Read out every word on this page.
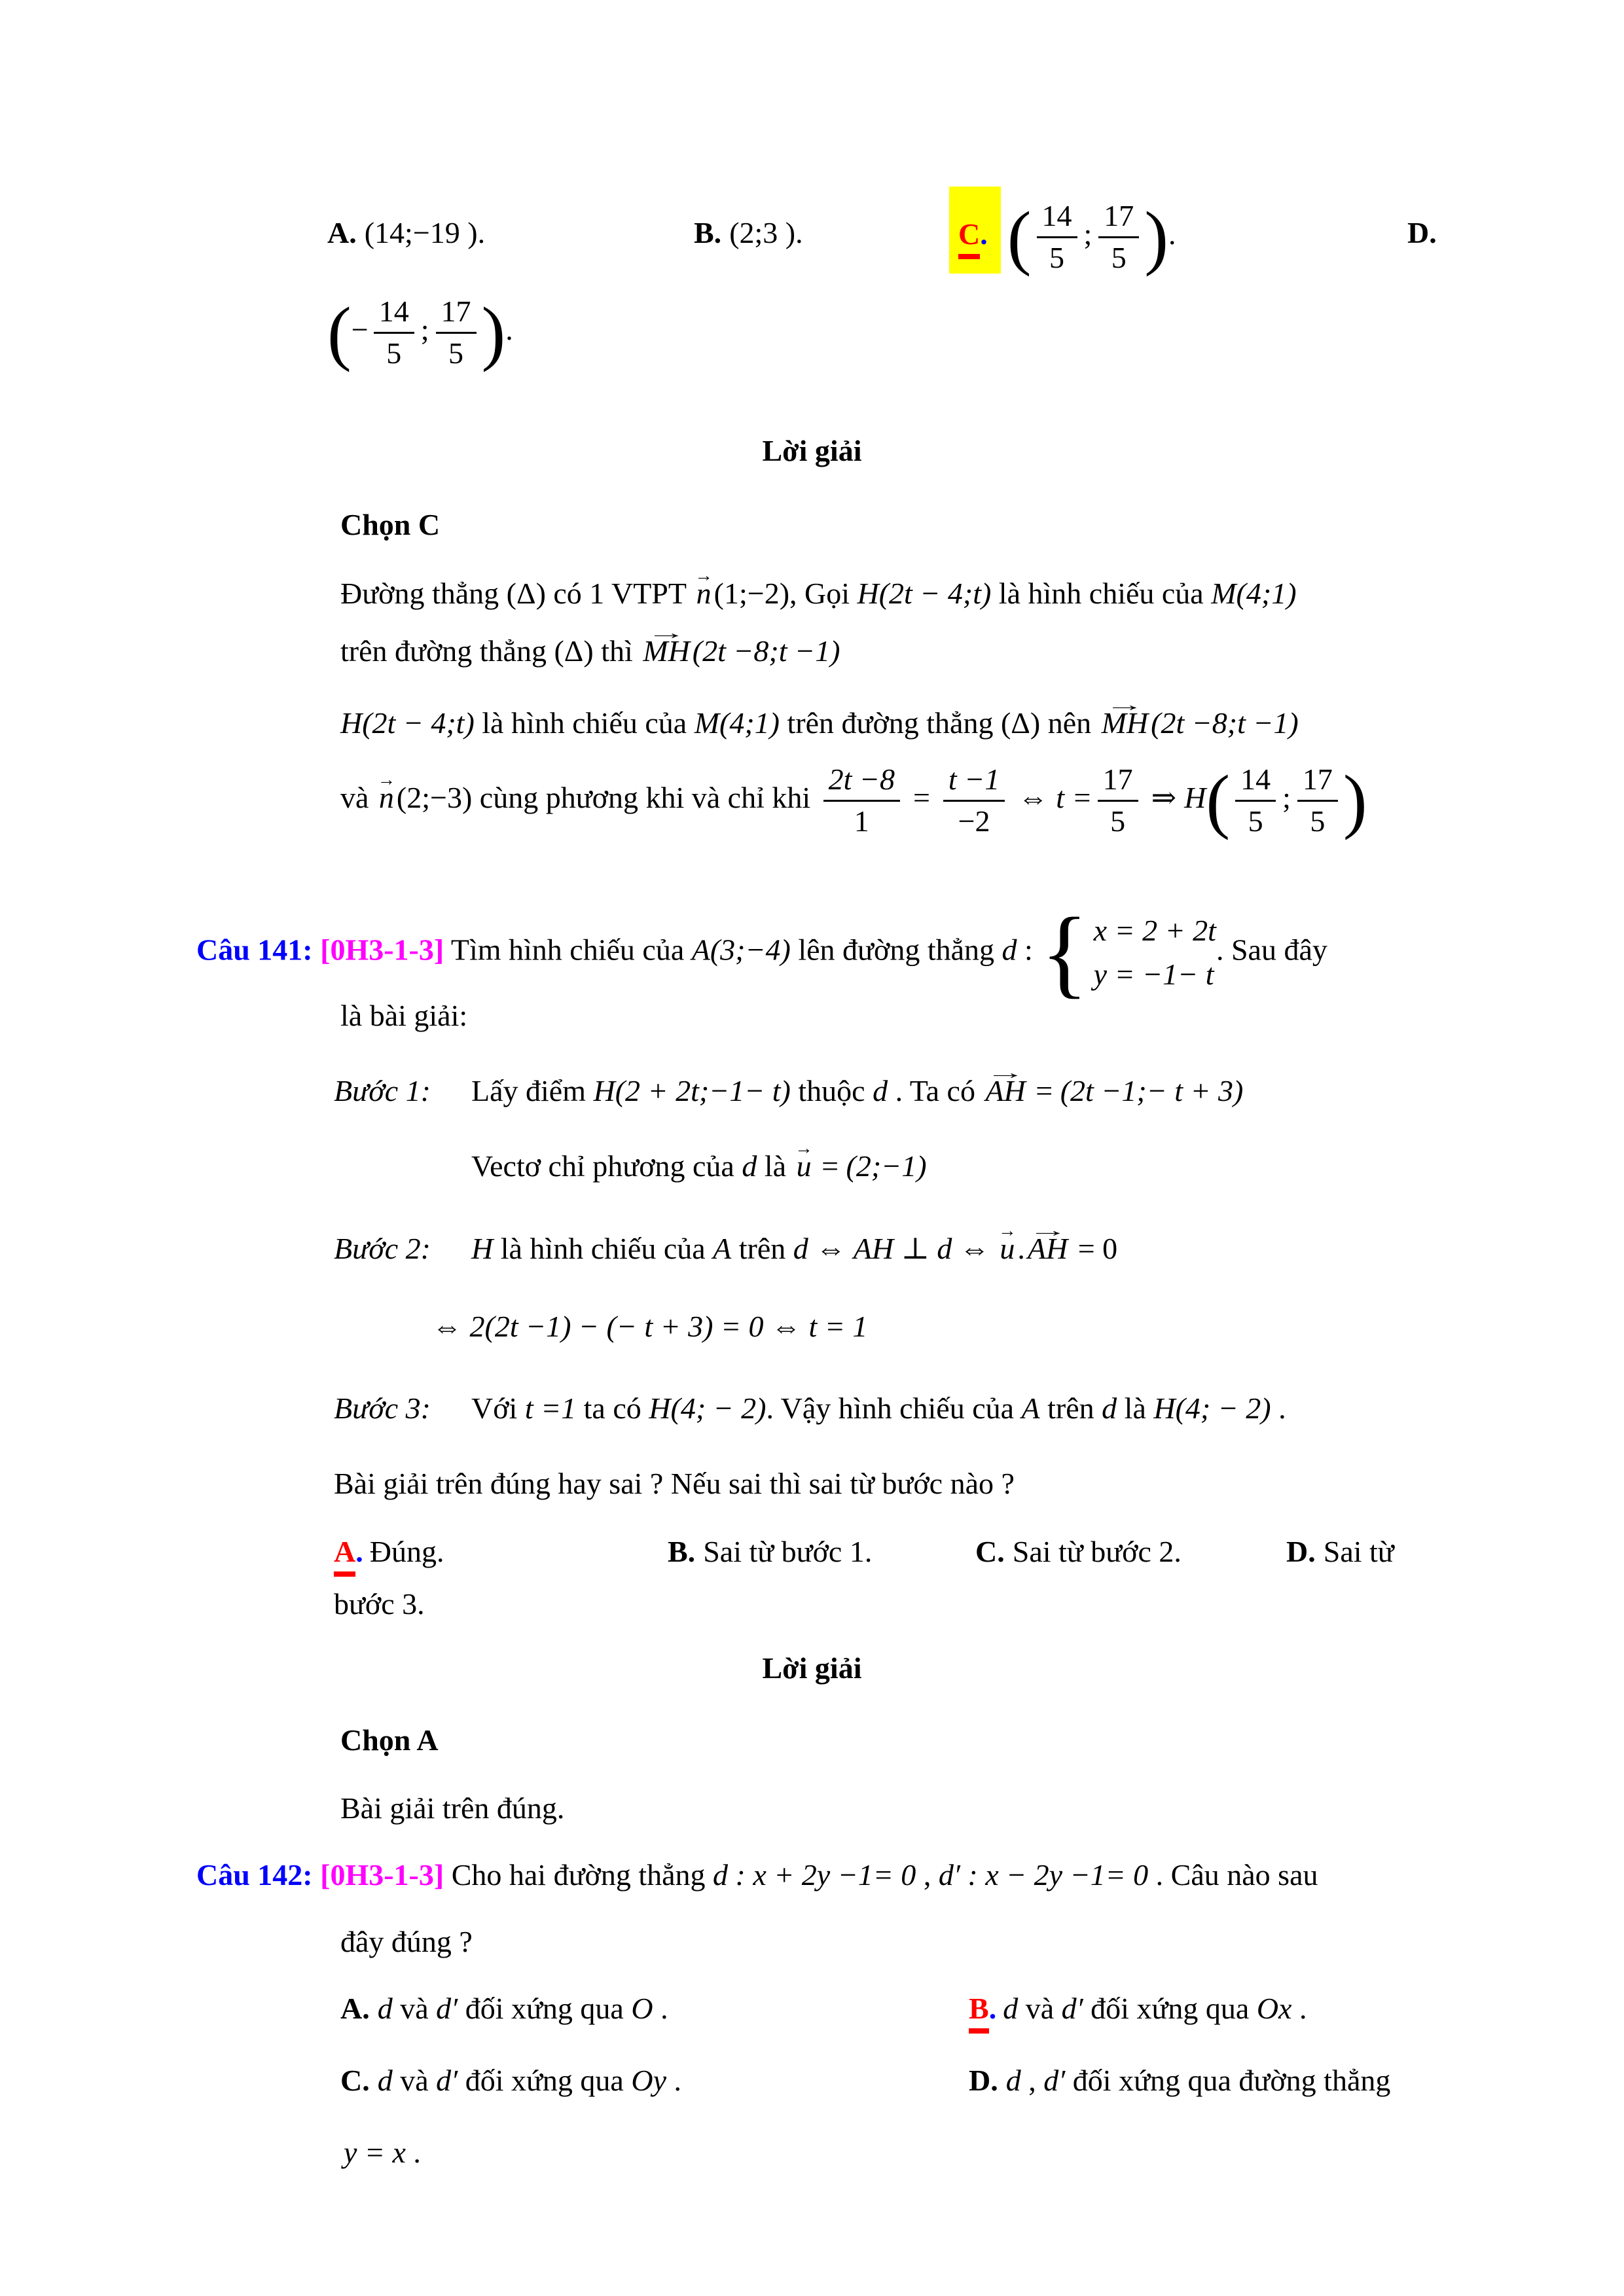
A. (14;−19 ).	B. (2;3 ).	C. ( $\frac{14}{5}$ ; $\frac{17}{5}$ ).	D.
(− $\frac{14}{5}$ ; $\frac{17}{5}$ ).
Lời giải
Chọn C
Đường thẳng (Δ) có 1 VTPT n →(1;−2), Gọi H(2t − 4;t) là hình chiếu của M(4;1)
trên đường thẳng (Δ) thì MH →(2t −8;t −1)
H(2t − 4;t) là hình chiếu của M(4;1) trên đường thẳng (Δ) nên MH →(2t −8;t −1)
và n →(2;−3) cùng phương khi và chỉ khi $\frac{2t -8}{1} = \frac{t -1}{-2}$ ⇔ $t = \frac{17}{5}$ ⇒ $H( \frac{14}{5}$ ; $\frac{17}{5}$ )
Câu 141: [0H3-1-3] Tìm hình chiếu của A(3;−4) lên đường thẳng d :{ x = 2 + 2t
y = −1− t
. Sau đây
là bài giải:
Bước 1: Lấy điểm H(2 + 2t;−1− t) thuộc d . Ta có AH → = (2t −1;− t + 3)
Vectơ chỉ phương của d là u → = (2;−1)
Bước 2: H là hình chiếu của A trên d ⇔ AH ⊥ d ⇔ u →.AH → = 0
⇔ 2(2t −1) − (− t + 3) = 0 ⇔ t = 1
Bước 3: Với t =1 ta có H(4; − 2). Vậy hình chiếu của A trên d là H(4; − 2) .
Bài giải trên đúng hay sai ? Nếu sai thì sai từ bước nào ?
A. Đúng.	B. Sai từ bước 1.	C. Sai từ bước 2.	D. Sai từ
bước 3.
Lời giải
Chọn A
Bài giải trên đúng.
Câu 142: [0H3-1-3] Cho hai đường thẳng d : x + 2y −1= 0 , d′ : x − 2y −1= 0 . Câu nào sau
đây đúng ?
A. d và d′ đối xứng qua O .	B. d và d′ đối xứng qua Ox .
C. d và d′ đối xứng qua Oy .	D. d , d′ đối xứng qua đường thẳng
y = x .
